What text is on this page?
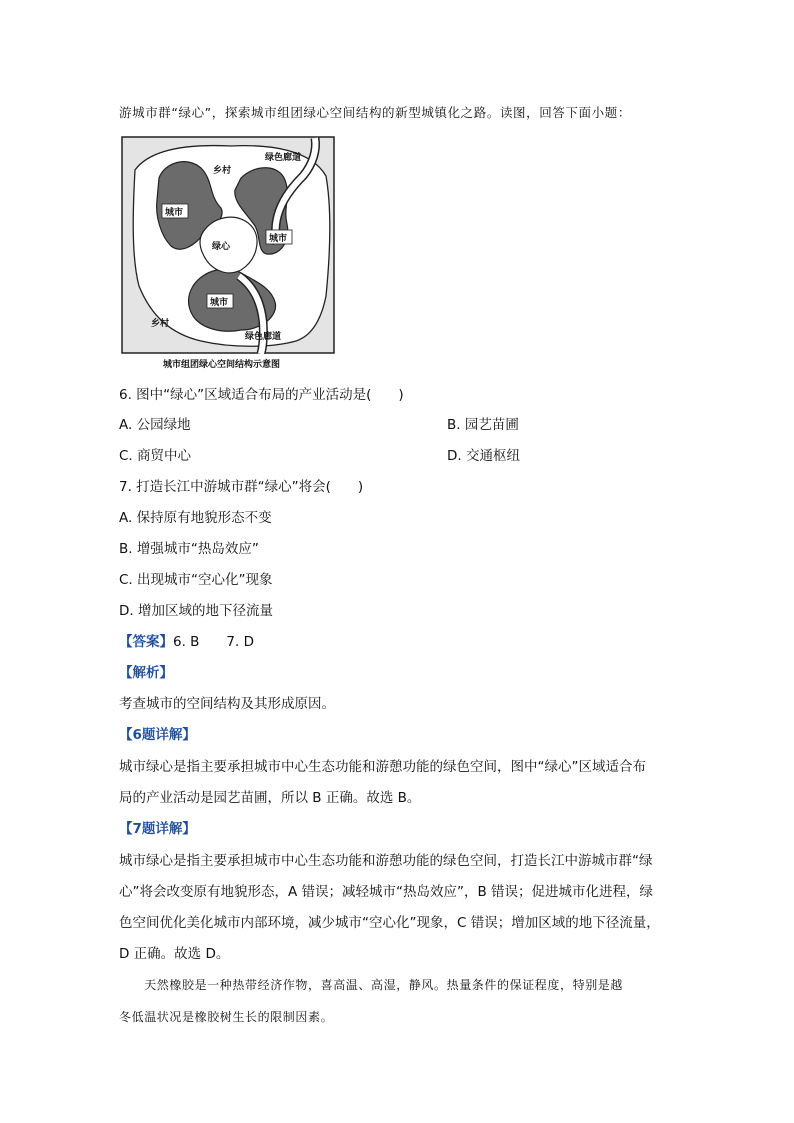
游城市群“绿心”，探索城市组团绿心空间结构的新型城镇化之路。读图，回答下面小题：
乡村
绿色廊道
城市
城市
绿心
城市
乡村
绿色廊道
城市组团绿心空间结构示意图
6. 图中“绿心”区域适合布局的产业活动是(　　)
A. 公园绿地	B. 园艺苗圃
C. 商贸中心	D. 交通枢纽
7. 打造长江中游城市群“绿心”将会(　　)
A. 保持原有地貌形态不变
B. 增强城市“热岛效应”
C. 出现城市“空心化”现象
D. 增加区域的地下径流量
【答案】6. B　　7. D
【解析】
考查城市的空间结构及其形成原因。
【6题详解】
城市绿心是指主要承担城市中心生态功能和游憩功能的绿色空间，图中“绿心”区域适合布
局的产业活动是园艺苗圃，所以 B 正确。故选 B。
【7题详解】
城市绿心是指主要承担城市中心生态功能和游憩功能的绿色空间，打造长江中游城市群“绿
心”将会改变原有地貌形态，A 错误；减轻城市“热岛效应”，B 错误；促进城市化进程，绿
色空间优化美化城市内部环境，减少城市“空心化”现象，C 错误；增加区域的地下径流量，
D 正确。故选 D。
　　天然橡胶是一种热带经济作物，喜高温、高湿，静风。热量条件的保证程度，特别是越
冬低温状况是橡胶树生长的限制因素。
